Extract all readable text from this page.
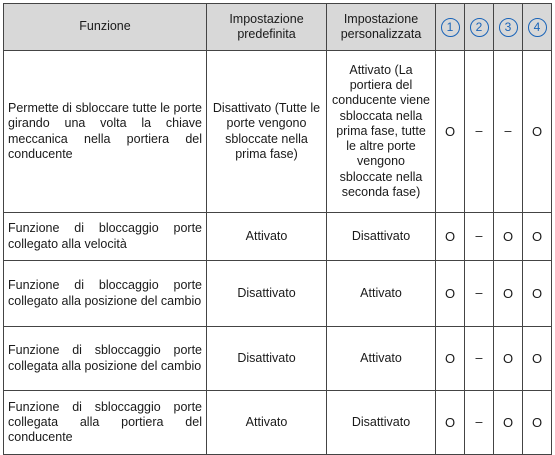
Funzione	Impostazione predefinita	Impostazione personalizzata	1	2	3	4
Permette di sbloccare tutte le porte girando una volta la chiave meccanica nella portiera del conducente	Disattivato (Tutte le porte vengono sbloccate nella prima fase)	Attivato (La portiera del conducente viene sbloccata nella prima fase, tutte le altre porte vengono sbloccate nella seconda fase)	O	–	–	O
Funzione di bloccaggio porte collegato alla velocità	Attivato	Disattivato	O	–	O	O
Funzione di bloccaggio porte collegato alla posizione del cambio	Disattivato	Attivato	O	–	O	O
Funzione di sbloccaggio porte collegata alla posizione del cambio	Disattivato	Attivato	O	–	O	O
Funzione di sbloccaggio porte collegata alla portiera del conducente	Attivato	Disattivato	O	–	O	O
